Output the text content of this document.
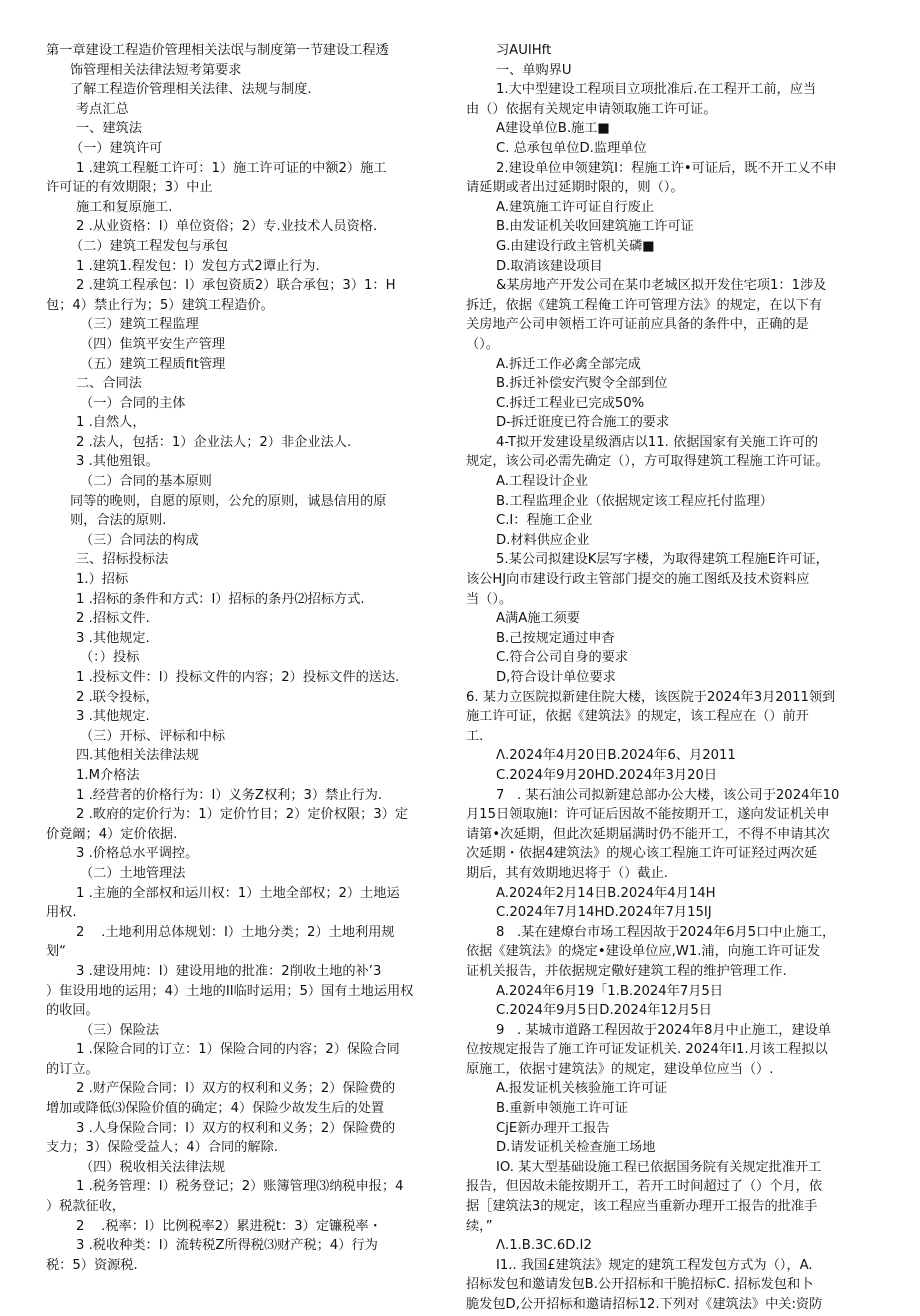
第一章建设工程造价管理相关法氓与制度第一节建设工程透

饰管理相关法律法短考第要求

了解工程造价管理相关法律、法规与制度.

考点汇总

一、建筑法

（一）建筑许可

1 .建筑工程艇工许可：1）施工许可证的中额2）施工

许可证的有效期限；3）中止

施工和复原施工.

2 .从业资格：I）单位资俗；2）专.业技术人员资格.

（二）建筑工程发包与承包

1 .建筑1.程发包：I）发包方式2谭止行为.

2 .建筑工程承包：I）承包资质2）联合承包；3）1：H

包；4）禁止行为；5）建筑工程造价。

（三）建筑工程监理

（四）隹筑平安生产管理

（五）建筑工程质fit管理

二、合同法

（一）合同的主体

1 .自然人，

2 .法人，包括：1）企业法人；2）非企业法人.

3 .其他殂银。

（二）合同的基本原则

同等的晚则，自愿的原则，公允的原则，诚恳信用的原

则，合法的原则.

（三）合同法的构成

三、招标投标法

1.）招标

1 .招标的条件和方式：I）招标的条丹⑵招标方式.

2 .招标文件.

3 .其他规定.

（：）投标

1 .投标文件：I）投标文件的内容；2）投标文件的送达.

2 .联令投标，

3 .其他规定.

（三）开标、评标和中标

四.其他相关法律法规

1.M介格法

1 .经营者的价格行为：I）义务Z权利；3）禁止行为.

2 .畋府的定价行为：1）定价竹目；2）定价权限；3）定

价竟阚；4）定价依据.

3 .价格总水平调控。

（二）土地管理法

1 .主施的全部权和运川权：1）土地全部权；2）土地运

用权.

2    .土地利用总体规划：I）土地分类；2）土地利用规

划“

3 .建设用炖：I）建设用地的批准：2削收土地的补’3

）隹设用地的运用；4）土地的II临时运用；5）国有土地运用权

的收回。

（三）保险法

1 .保险合同的订立：1）保险合同的内容；2）保险合同

的订立。

2 .财产保险合同：I）双方的权利和义务；2）保险费的

增加或降低⑶保险价值的确定；4）保险少故发生后的处置

3 .人身保险合同：I）双方的权利和义务；2）保险费的

支力；3）保险受益人；4）合同的解除.

（四）税收相关法律法规

1 .税务管理：I）税务登记；2）账簿管理⑶纳税申报；4

）税款征收，

2    .税率：I）比例税率2）累进税t：3）定镰税率・

3 .税收种类：I）流转税Z所得税⑶财产税；4）行为

税：5）资源税.

习AUIHft

一、单购界U

1.大中型建设工程项目立项批准后.在工程开工前，应当

由（）依据有关规定申请领取施工许可证。

A建设单位B.施工■

C. 总承包单位D.监理单位

2.建设单位申领建筑I：程施工许•可证后，既不开工乂不申

请延期或者出过延期时限的，则（）。

A.建筑施工许可证自行废止

B.由发证机关收回建筑施工许可证

G.由建设行政主管机关磷■

D.取消该建设项目

&某房地产开发公司在某巾老城区拟开发住宅项1：1涉及

拆迁，依据《建筑工程俺工许可管理方法》的规定，在以下有

关房地产公司申领梧工许可证前应具备的条件中，正确的是

（）。

A.拆迁工作必禽全部完成

B.拆迁补偿安汽熨令全部到位

C.拆迁工程业已完成50%

D-拆迁诳度已符合施工的要求

4-T拟开发建设星级酒店以11. 依据国家有关施工许可的

规定，该公司必需先确定（），方可取得建筑工程施工许可证。

A.工程设计企业

B.工程监理企业（依据规定该工程应托付监理）

C.I：程施工企业

D.材料供应企业

5.某公司拟建设K层写字楼，为取得建筑工程施E许可证，

该公HJ向市建设行政主管部门提交的施工图纸及技术资料应

当（）。

A满A施工须要

B.己按规定通过申杳

C.符合公司自身的要求

D,符合设计单位要求

6. 某力立医院拟新建住院大楼，该医院于2024年3月2011领到

施工许可证，依据《建筑法》的规定，该工程应在（）前开

工.

Λ.2024年4月20日B.2024年6、月2011

C.2024年9月20HD.2024年3月20日

7   . 某石油公司拟新建总部办公大楼，该公司于2024年10

月15日领取施I：许可证后因故不能按期开工，遂向发证机关申

请第•次延期，但此次延期届满时仍不能开工，不得不申请其次

次延期・依据4建筑法》的规心该工程施工许可证羟过两次延

期后，其有效期地迟将于（）截止.

A.2024年2月14日B.2024年4月14H

C.2024年7月14HD.2024年7月15IJ

8   .某在建燎台市场工程因故于2024年6月5口中止施工，

依据《建筑法》的烧定•建设单位应,W1.浦，向施工许可证发

证机关报告，并依据规定儆好建筑工程的维护管理工作.

A.2024年6月19「1.B.2024年7月5日

C.2024年9月5日D.2024年12月5日

9   . 某城市道路工程因故于2024年8月中止施工，建设单

位按规定报告了施工许可证发证机关. 2024年I1.月该工程拟以

原施工，依据寸建筑法》的规定，建设单位应当（）.

A.报发证机关核验施工许可证

B.重新申领施工许可证

CjE新办理开工报告

D.请发证机关检查施工场地

IO. 某大型基础设施工程已依据国务院有关规定批准开工

报告，但因故未能按期开工，若开工时间超过了（）个月，依

据［建筑法3的规定，该工程应当重新办理开工报告的批准手

续，”

Λ.1.B.3C.6D.I2

I1.. 我国£建筑法》规定的建筑工程发包方式为（），A.

招标发包和邀请发包B.公开招标和干脆招标C. 招标发包和卜

脆发包D,公开招标和邀请招标12.下列对《建筑法》中关:资防
